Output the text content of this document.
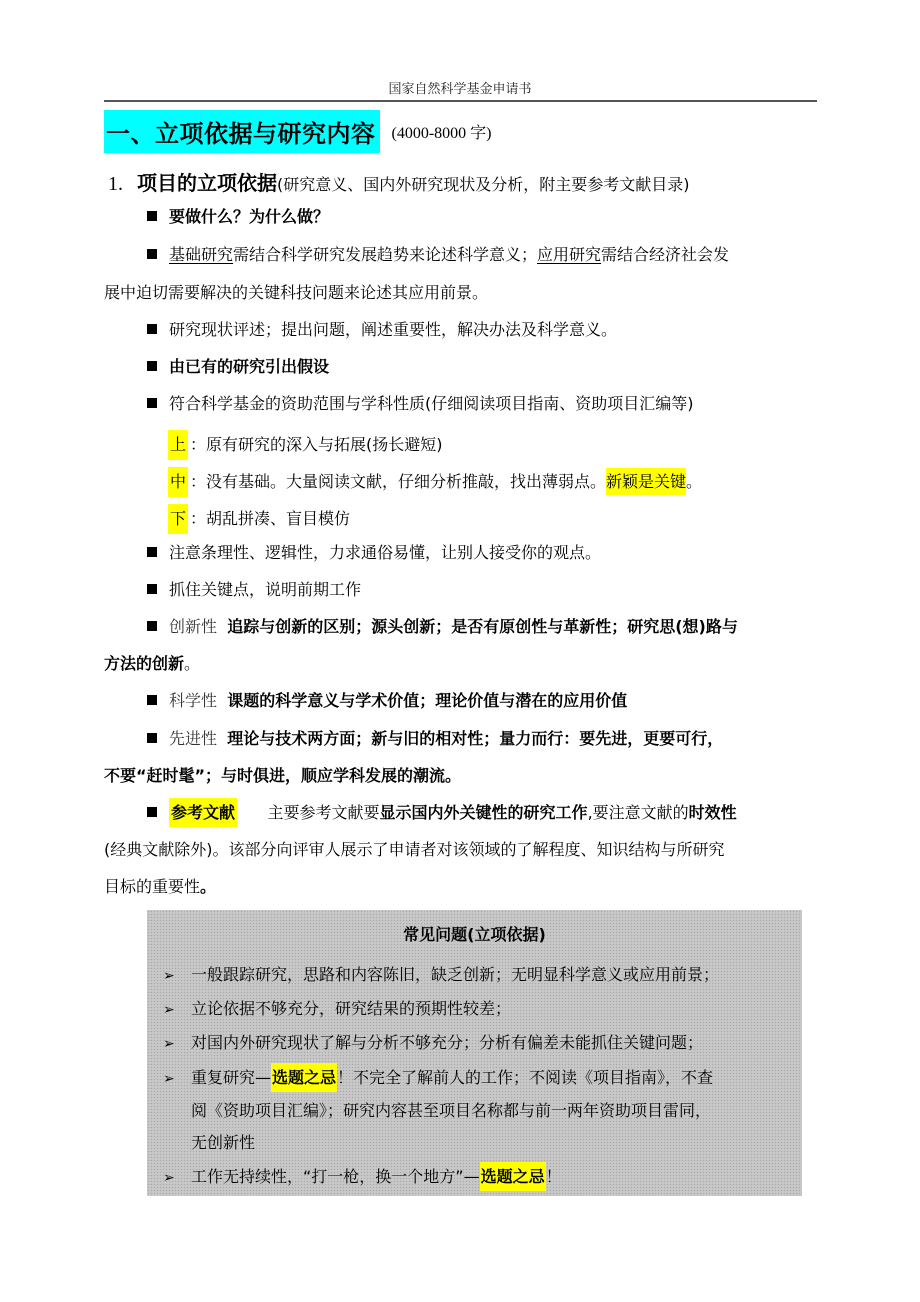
国家自然科学基金申请书
一、立项依据与研究内容 (4000-8000 字)
1. 项目的立项依据(研究意义、国内外研究现状及分析，附主要参考文献目录)
要做什么？为什么做？
基础研究需结合科学研究发展趋势来论述科学意义；应用研究需结合经济社会发
展中迫切需要解决的关键科技问题来论述其应用前景。
研究现状评述；提出问题，阐述重要性，解决办法及科学意义。
由已有的研究引出假设
符合科学基金的资助范围与学科性质(仔细阅读项目指南、资助项目汇编等)
上 ：原有研究的深入与拓展(扬长避短)
中 ：没有基础。大量阅读文献，仔细分析推敲，找出薄弱点。新颖是关键。
下 ：胡乱拼凑、盲目模仿
注意条理性、逻辑性，力求通俗易懂，让别人接受你的观点。
抓住关键点，说明前期工作
创新性 追踪与创新的区别；源头创新；是否有原创性与革新性；研究思(想)路与
方法的创新。
科学性 课题的科学意义与学术价值；理论价值与潜在的应用价值
先进性 理论与技术两方面；新与旧的相对性；量力而行：要先进，更要可行，
不要“赶时髦”；与时俱进，顺应学科发展的潮流。
参考文献 主要参考文献要显示国内外关键性的研究工作,要注意文献的时效性
(经典文献除外)。该部分向评审人展示了申请者对该领域的了解程度、知识结构与所研究
目标的重要性。
常见问题(立项依据)
➢ 一般跟踪研究，思路和内容陈旧，缺乏创新；无明显科学意义或应用前景；
➢ 立论依据不够充分，研究结果的预期性较差；
➢ 对国内外研究现状了解与分析不够充分；分析有偏差未能抓住关键问题；
➢ 重复研究—选题之忌！不完全了解前人的工作；不阅读《项目指南》，不查
阅《资助项目汇编》；研究内容甚至项目名称都与前一两年资助项目雷同，
无创新性
➢ 工作无持续性，“打一枪，换一个地方”—选题之忌！
